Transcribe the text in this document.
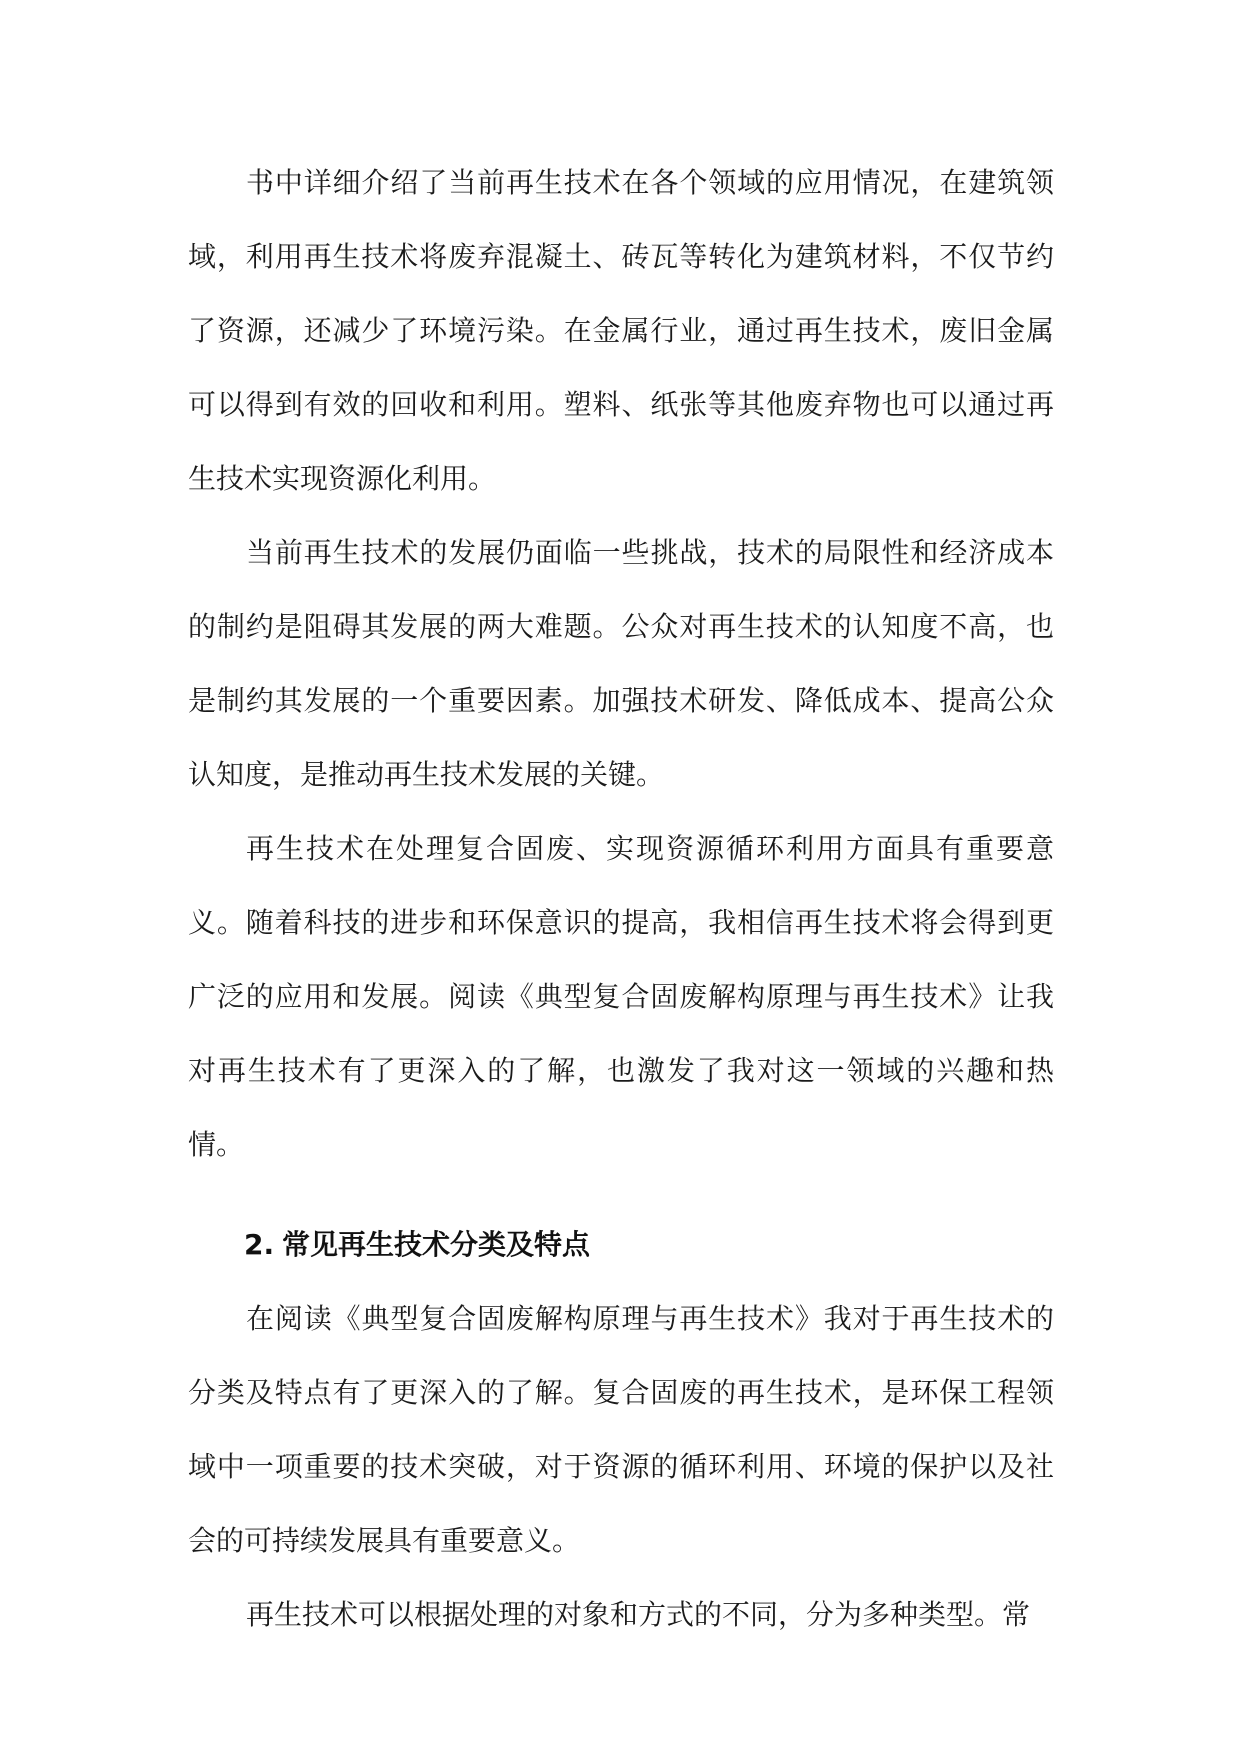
书中详细介绍了当前再生技术在各个领域的应用情况，在建筑领域，利用再生技术将废弃混凝土、砖瓦等转化为建筑材料，不仅节约了资源，还减少了环境污染。在金属行业，通过再生技术，废旧金属可以得到有效的回收和利用。塑料、纸张等其他废弃物也可以通过再生技术实现资源化利用。

当前再生技术的发展仍面临一些挑战，技术的局限性和经济成本的制约是阻碍其发展的两大难题。公众对再生技术的认知度不高，也是制约其发展的一个重要因素。加强技术研发、降低成本、提高公众认知度，是推动再生技术发展的关键。

再生技术在处理复合固废、实现资源循环利用方面具有重要意义。随着科技的进步和环保意识的提高，我相信再生技术将会得到更广泛的应用和发展。阅读《典型复合固废解构原理与再生技术》让我对再生技术有了更深入的了解，也激发了我对这一领域的兴趣和热情。

2. 常见再生技术分类及特点

在阅读《典型复合固废解构原理与再生技术》我对于再生技术的分类及特点有了更深入的了解。复合固废的再生技术，是环保工程领域中一项重要的技术突破，对于资源的循环利用、环境的保护以及社会的可持续发展具有重要意义。

再生技术可以根据处理的对象和方式的不同，分为多种类型。常
